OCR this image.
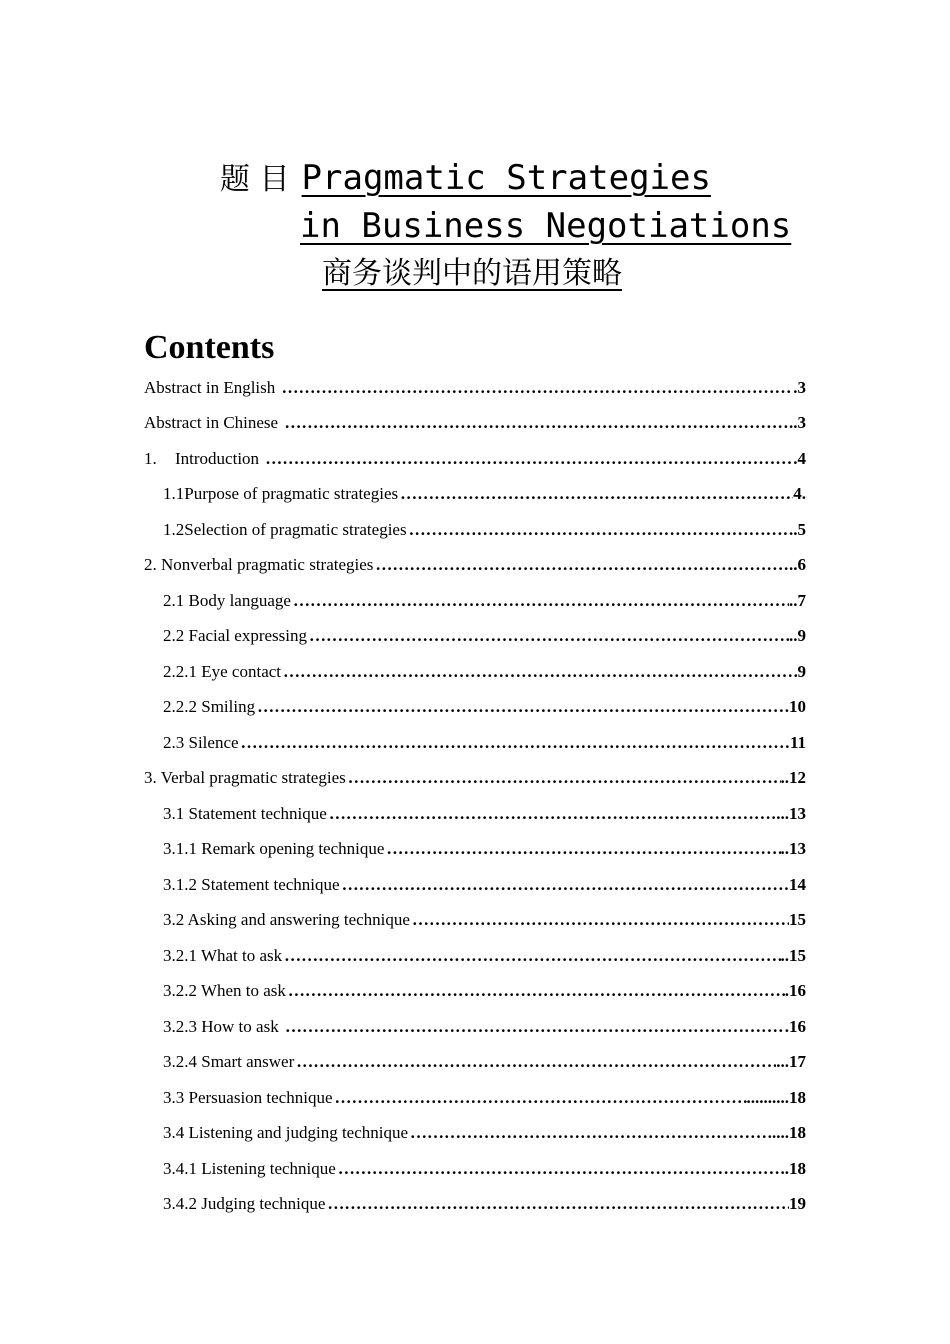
题 目 Pragmatic Strategies
in Business Negotiations
商务谈判中的语用策略
Contents
Abstract in English ……………………………………………………………………………………………………………………………………………………………………………………	.3
Abstract in Chinese ……………………………………………………………………………………………………………………………………………………………………………………	..3
1. Introduction ……………………………………………………………………………………………………………………………………………………………………………………	.4
1.1Purpose of pragmatic strategies ……………………………………………………………………………………………………………………………………………………………………………………	4.
1.2Selection of pragmatic strategies ……………………………………………………………………………………………………………………………………………………………………………………	..5
2. Nonverbal pragmatic strategies ……………………………………………………………………………………………………………………………………………………………………………………	..6
2.1 Body language ……………………………………………………………………………………………………………………………………………………………………………………	..7
2.2 Facial expressing ……………………………………………………………………………………………………………………………………………………………………………………	..9
2.2.1 Eye contact ……………………………………………………………………………………………………………………………………………………………………………………	9
2.2.2 Smiling ……………………………………………………………………………………………………………………………………………………………………………………	10
2.3 Silence ……………………………………………………………………………………………………………………………………………………………………………………	11
3. Verbal pragmatic strategies ……………………………………………………………………………………………………………………………………………………………………………………	..12
3.1 Statement technique ……………………………………………………………………………………………………………………………………………………………………………………	...13
3.1.1 Remark opening technique ……………………………………………………………………………………………………………………………………………………………………………………	..13
3.1.2 Statement technique ……………………………………………………………………………………………………………………………………………………………………………………	14
3.2 Asking and answering technique ……………………………………………………………………………………………………………………………………………………………………………………	15
3.2.1 What to ask ……………………………………………………………………………………………………………………………………………………………………………………	..15
3.2.2 When to ask ……………………………………………………………………………………………………………………………………………………………………………………	.16
3.2.3 How to ask ……………………………………………………………………………………………………………………………………………………………………………………	.16
3.2.4 Smart answer ……………………………………………………………………………………………………………………………………………………………………………………	...17
3.3 Persuasion technique ……………………………………………………………………………………………………………………………………………………………………………………	..........18
3.4 Listening and judging technique ……………………………………………………………………………………………………………………………………………………………………………………	....18
3.4.1 Listening technique ……………………………………………………………………………………………………………………………………………………………………………………	.18
3.4.2 Judging technique ……………………………………………………………………………………………………………………………………………………………………………………	19
